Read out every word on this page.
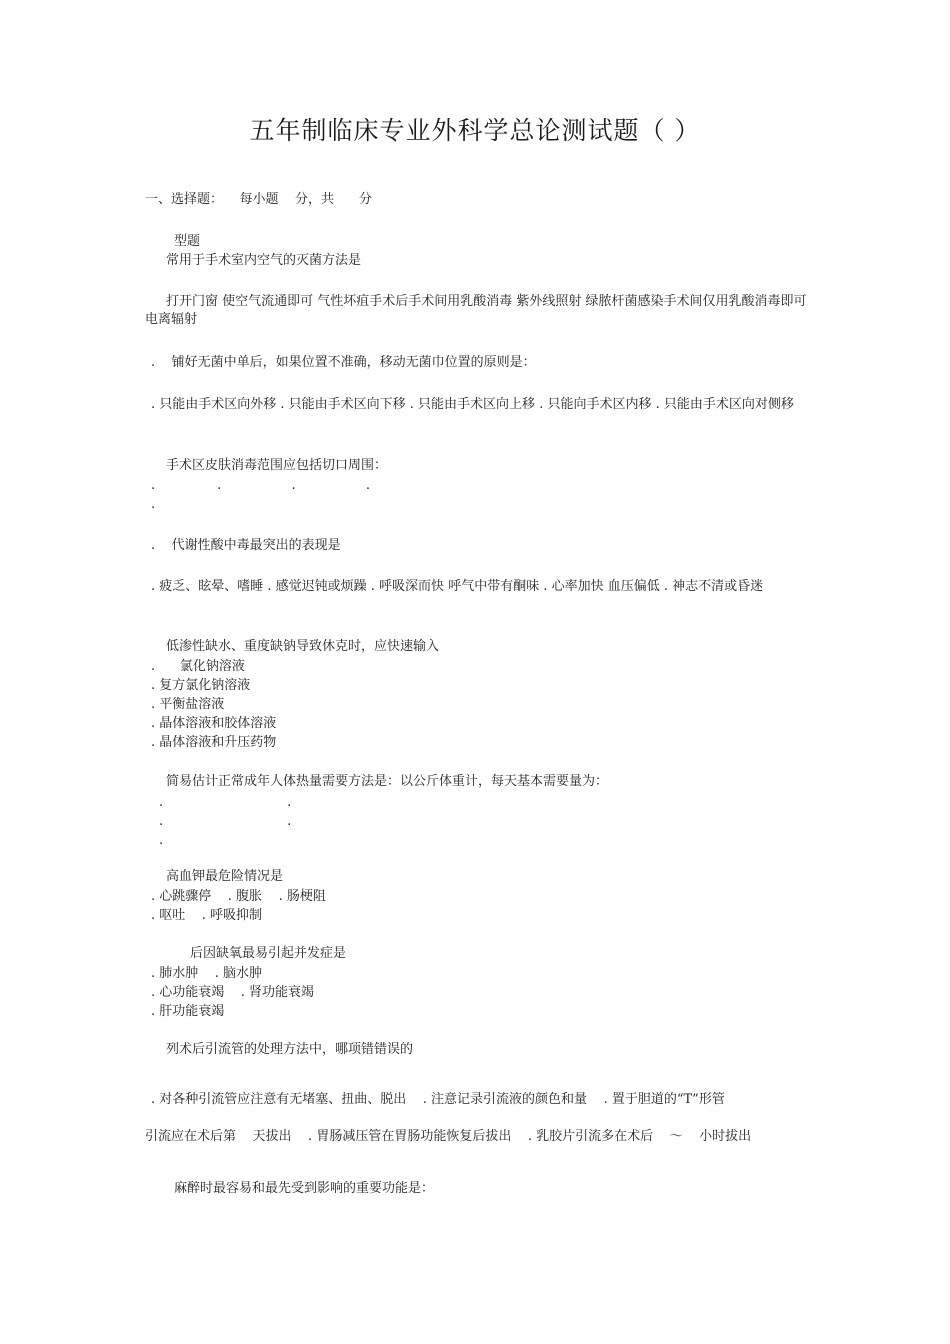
五年制临床专业外科学总论测试题（ ）
一、选择题：    每小题    分，共      分
型题
常用于手术室内空气的灭菌方法是
打开门窗 使空气流通即可 气性坏疽手术后手术间用乳酸消毒 紫外线照射 绿脓杆菌感染手术间仅用乳酸消毒即可 电离辐射
.    铺好无菌中单后，如果位置不准确，移动无菌巾位置的原则是：
. 只能由手术区向外移 . 只能由手术区向下移 . 只能由手术区向上移 . 只能向手术区内移 . 只能由手术区向对侧移
手术区皮肤消毒范围应包括切口周围：
.               .                 .                 .
.
.    代谢性酸中毒最突出的表现是
. 疲乏、眩晕、嗜睡 . 感觉迟钝或烦躁 . 呼吸深而快 呼气中带有酮味 . 心率加快 血压偏低 . 神志不清或昏迷
低渗性缺水、重度缺钠导致休克时，应快速输入
.      氯化钠溶液
. 复方氯化钠溶液
. 平衡盐溶液
. 晶体溶液和胶体溶液
. 晶体溶液和升压药物
简易估计正常成年人体热量需要方法是：以公斤体重计，每天基本需要量为：
.                              .
.                              .
.
高血钾最危险情况是
. 心跳骤停    . 腹胀    . 肠梗阻
. 呕吐    . 呼吸抑制
后因缺氧最易引起并发症是
. 肺水肿    . 脑水肿
. 心功能衰竭    . 肾功能衰竭
. 肝功能衰竭
列术后引流管的处理方法中，哪项错错误的
. 对各种引流管应注意有无堵塞、扭曲、脱出    . 注意记录引流液的颜色和量    . 置于胆道的“T”形管
引流应在术后第    天拔出    . 胃肠减压管在胃肠功能恢复后拔出    . 乳胶片引流多在术后    ～    小时拔出
麻醉时最容易和最先受到影响的重要功能是：
